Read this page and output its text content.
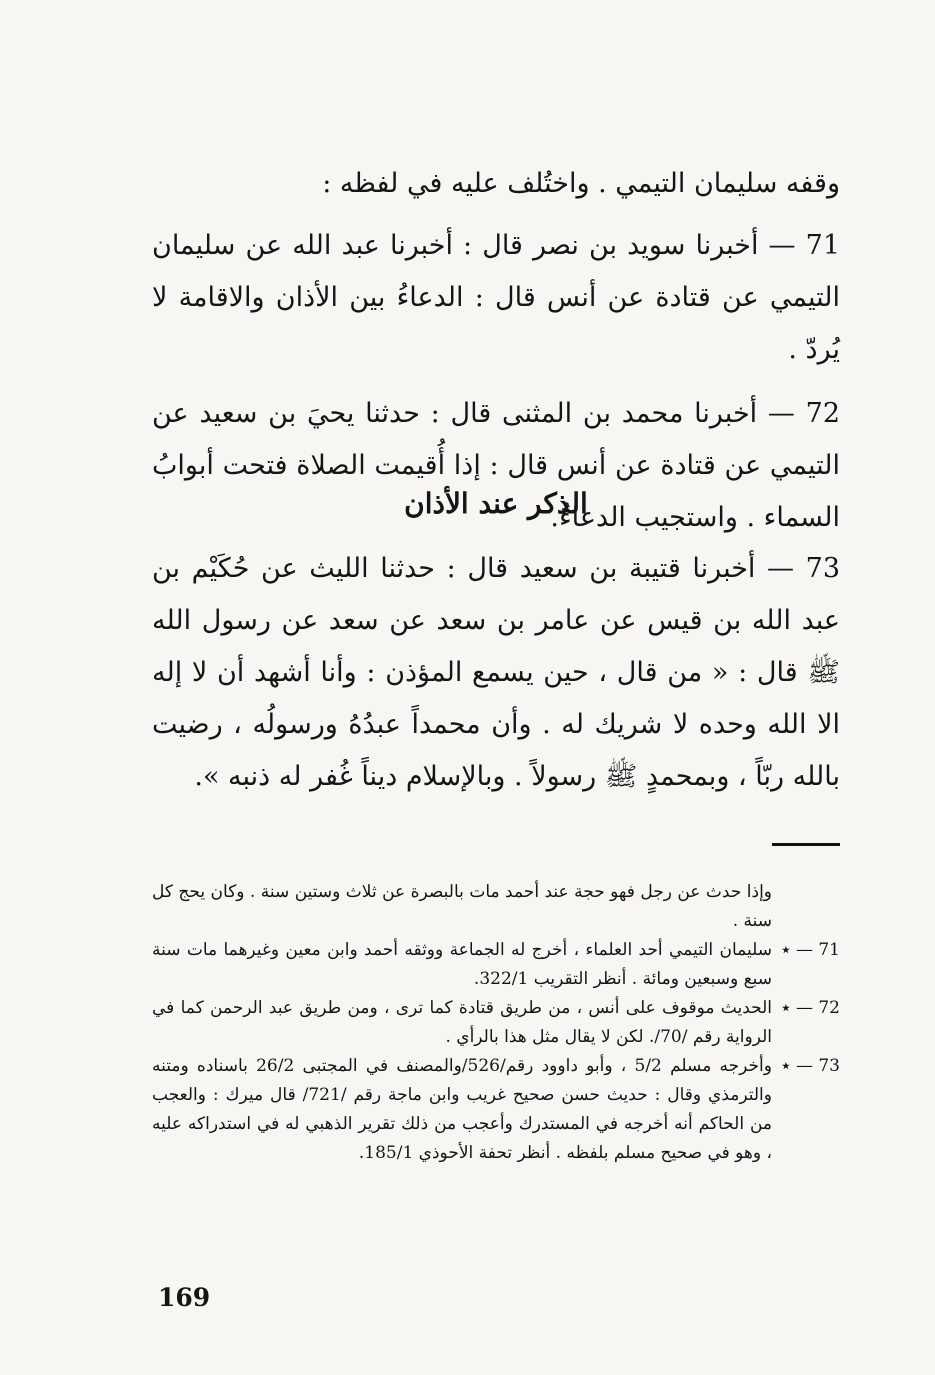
وقفه سليمان التيمي . واختُلف عليه في لفظه :

71 — أخبرنا سويد بن نصر قال : أخبرنا عبد الله عن سليمان التيمي عن قتادة عن أنس قال : الدعاءُ بين الأذان والاقامة لا يُردّ .

72 — أخبرنا محمد بن المثنى قال : حدثنا يحيَ بن سعيد عن التيمي عن قتادة عن أنس قال : إذا أُقيمت الصلاة فتحت أبوابُ السماء . واستجيب الدعاءُ.

الذكر عند الأذان

73 — أخبرنا قتيبة بن سعيد قال : حدثنا الليث عن حُكَيْم بن عبد الله بن قيس عن عامر بن سعد عن سعد عن رسول الله ﷺ قال : « من قال ، حين يسمع المؤذن : وأنا أشهد أن لا إله الا الله وحده لا شريك له . وأن محمداً عبدُهُ ورسولُه ، رضيت بالله ربّاً ، وبمحمدٍ ﷺ رسولاً . وبالإسلام ديناً غُفر له ذنبه ».

وإذا حدث عن رجل فهو حجة عند أحمد مات بالبصرة عن ثلاث وستين سنة . وكان يحج كل سنة .

71 — ٭
سليمان التيمي أحد العلماء ، أخرج له الجماعة ووثقه أحمد وابن معين وغيرهما مات سنة سبع وسبعين ومائة . أنظر التقريب 322/1.
72 — ٭
الحديث موقوف على أنس ، من طريق قتادة كما ترى ، ومن طريق عبد الرحمن كما في الرواية رقم /70/. لكن لا يقال مثل هذا بالرأي .
73 — ٭
وأخرجه مسلم 5/2 ، وأبو داوود رقم/526/والمصنف في المجتبى 26/2 باسناده ومتنه والترمذي وقال : حديث حسن صحيح غريب وابن ماجة رقم /721/ قال ميرك : والعجب من الحاكم أنه أخرجه في المستدرك وأعجب من ذلك تقرير الذهبي له في استدراكه عليه ، وهو في صحيح مسلم بلفظه . أنظر تحفة الأحوذي 185/1.
169
